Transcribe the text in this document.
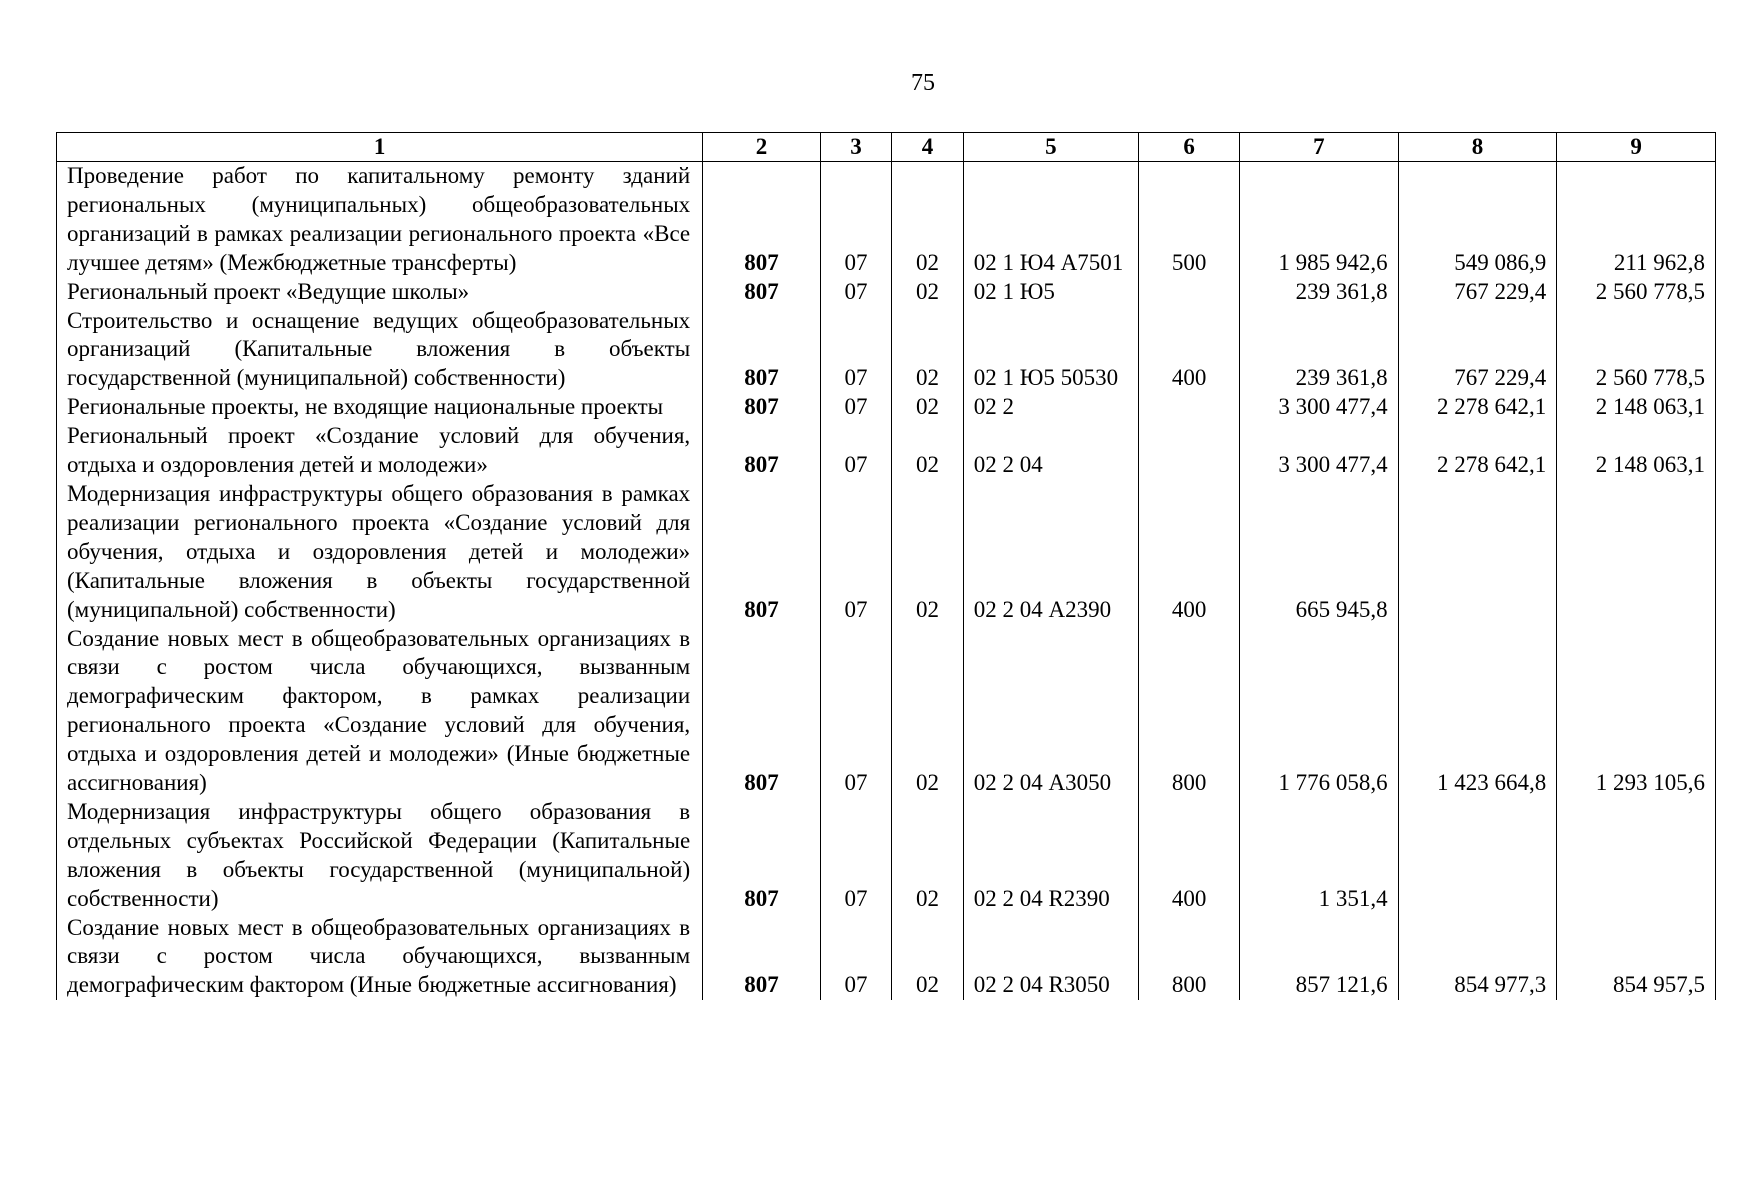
75
1	2	3	4	5	6	7	8	9
Проведение работ по капитальному ремонту зданий региональных (муниципальных) общеобразовательных организаций в рамках реализации регионального проекта «Все лучшее детям» (Межбюджетные трансферты)	807	07	02	02 1 Ю4 А7501	500	1 985 942,6	549 086,9	211 962,8
Региональный проект «Ведущие школы»	807	07	02	02 1 Ю5		239 361,8	767 229,4	2 560 778,5
Строительство и оснащение ведущих общеобразовательных организаций (Капитальные вложения в объекты государственной (муниципальной) собственности)	807	07	02	02 1 Ю5 50530	400	239 361,8	767 229,4	2 560 778,5
Региональные проекты, не входящие национальные проекты	807	07	02	02 2		3 300 477,4	2 278 642,1	2 148 063,1
Региональный проект «Создание условий для обучения, отдыха и оздоровления детей и молодежи»	807	07	02	02 2 04		3 300 477,4	2 278 642,1	2 148 063,1
Модернизация инфраструктуры общего образования в рамках реализации регионального проекта «Создание условий для обучения, отдыха и оздоровления детей и молодежи» (Капитальные вложения в объекты государственной (муниципальной) собственности)	807	07	02	02 2 04 А2390	400	665 945,8		
Создание новых мест в общеобразовательных организациях в связи с ростом числа обучающихся, вызванным демографическим фактором, в рамках реализации регионального проекта «Создание условий для обучения, отдыха и оздоровления детей и молодежи» (Иные бюджетные ассигнования)	807	07	02	02 2 04 А3050	800	1 776 058,6	1 423 664,8	1 293 105,6
Модернизация инфраструктуры общего образования в отдельных субъектах Российской Федерации (Капитальные вложения в объекты государственной (муниципальной) собственности)	807	07	02	02 2 04 R2390	400	1 351,4		
Создание новых мест в общеобразовательных организациях в связи с ростом числа обучающихся, вызванным демографическим фактором (Иные бюджетные ассигнования)	807	07	02	02 2 04 R3050	800	857 121,6	854 977,3	854 957,5
